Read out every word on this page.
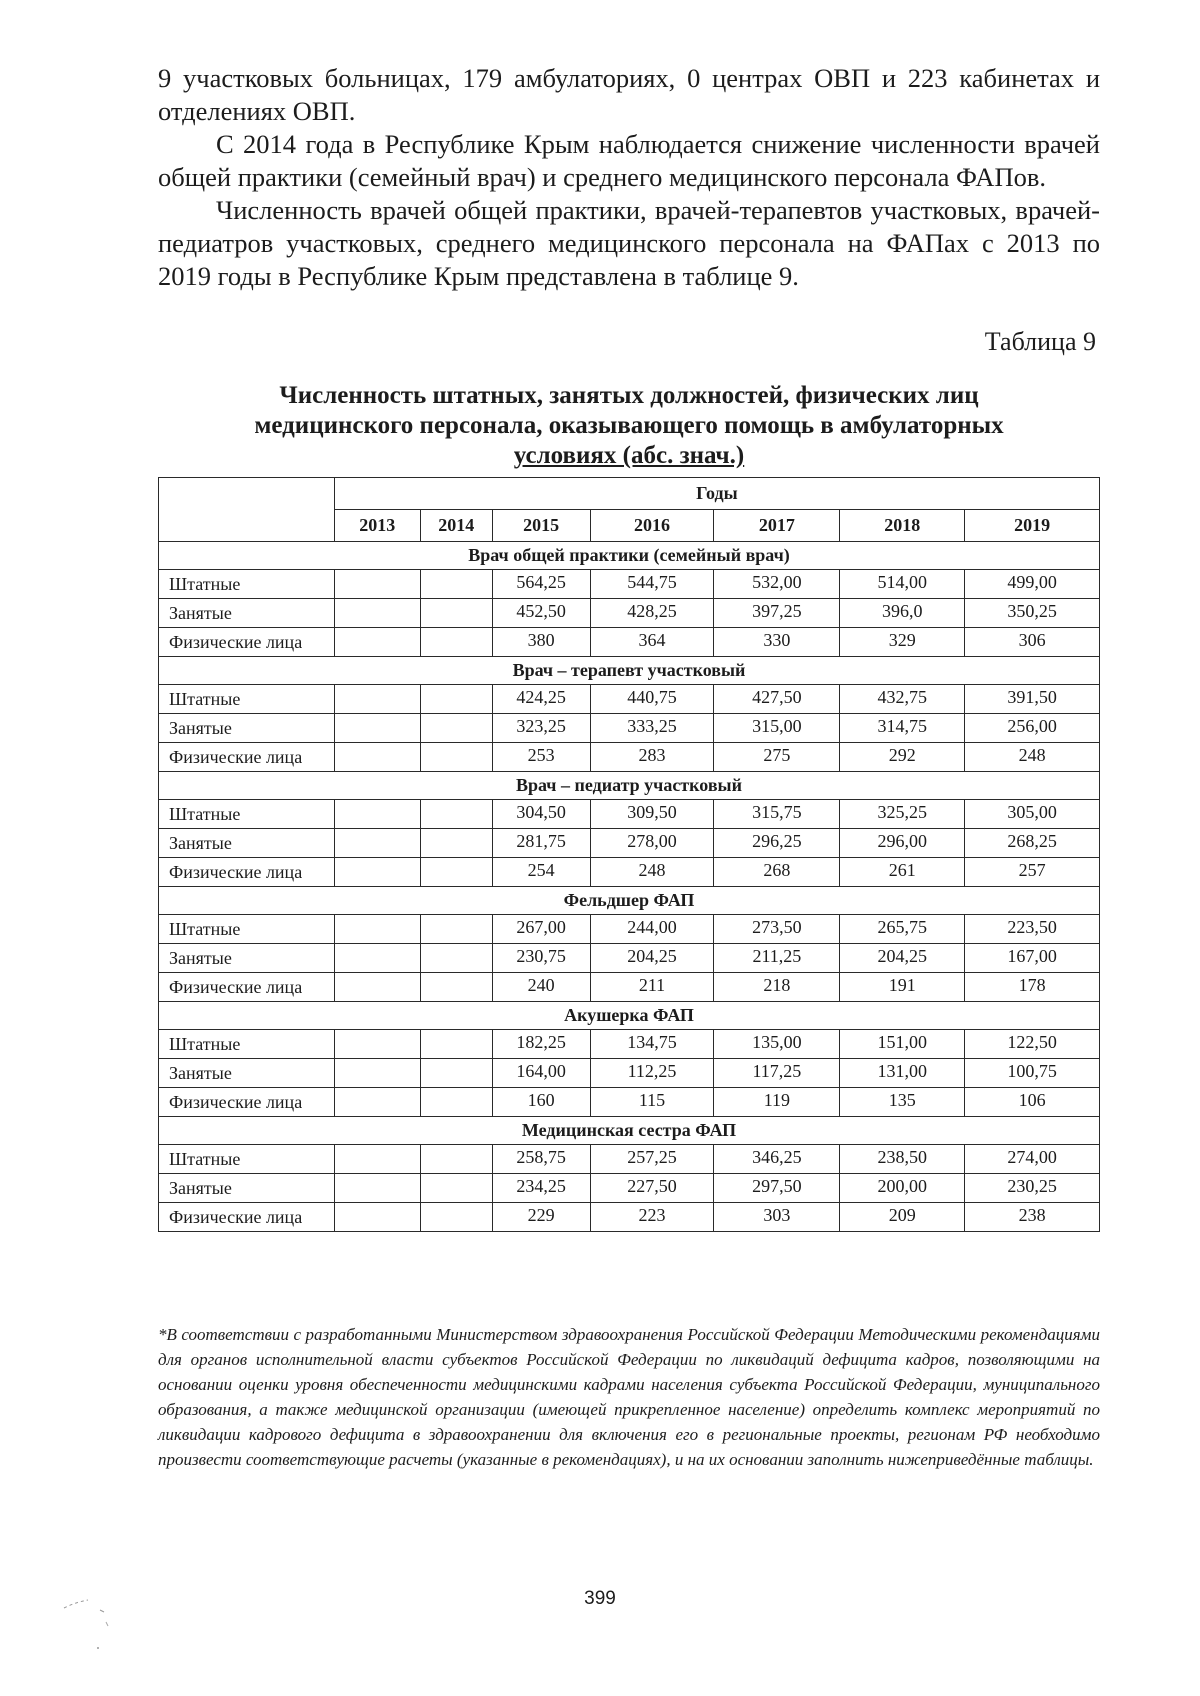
9 участковых больницах, 179 амбулаториях, 0 центрах ОВП и 223 кабинетах и отделениях ОВП.

С 2014 года в Республике Крым наблюдается снижение численности врачей общей практики (семейный врач) и среднего медицинского персонала ФАПов.

Численность врачей общей практики, врачей-терапевтов участковых, врачей-педиатров участковых, среднего медицинского персонала на ФАПах с 2013 по 2019 годы в Республике Крым представлена в таблице 9.

Таблица 9
Численность штатных, занятых должностей, физических лиц
медицинского персонала, оказывающего помощь в амбулаторных
условиях (абс. знач.)
	Годы						
	2013	2014	2015	2016	2017	2018	2019
Врач общей практики (семейный врач)							
Штатные			564,25	544,75	532,00	514,00	499,00
Занятые			452,50	428,25	397,25	396,0	350,25
Физические лица			380	364	330	329	306
Врач – терапевт участковый							
Штатные			424,25	440,75	427,50	432,75	391,50
Занятые			323,25	333,25	315,00	314,75	256,00
Физические лица			253	283	275	292	248
Врач – педиатр участковый							
Штатные			304,50	309,50	315,75	325,25	305,00
Занятые			281,75	278,00	296,25	296,00	268,25
Физические лица			254	248	268	261	257
Фельдшер ФАП							
Штатные			267,00	244,00	273,50	265,75	223,50
Занятые			230,75	204,25	211,25	204,25	167,00
Физические лица			240	211	218	191	178
Акушерка ФАП							
Штатные			182,25	134,75	135,00	151,00	122,50
Занятые			164,00	112,25	117,25	131,00	100,75
Физические лица			160	115	119	135	106
Медицинская сестра ФАП							
Штатные			258,75	257,25	346,25	238,50	274,00
Занятые			234,25	227,50	297,50	200,00	230,25
Физические лица			229	223	303	209	238
*В соответствии с разработанными Министерством здравоохранения Российской Федерации Методическими рекомендациями для органов исполнительной власти субъектов Российской Федерации по ликвидаций дефицита кадров, позволяющими на основании оценки уровня обеспеченности медицинскими кадрами населения субъекта Российской Федерации, муниципального образования, а также медицинской организации (имеющей прикрепленное население) определить комплекс мероприятий по ликвидации кадрового дефицита в здравоохранении для включения его в региональные проекты, регионам РФ необходимо произвести соответствующие расчеты (указанные в рекомендациях), и на их основании заполнить нижеприведённые таблицы.
399
